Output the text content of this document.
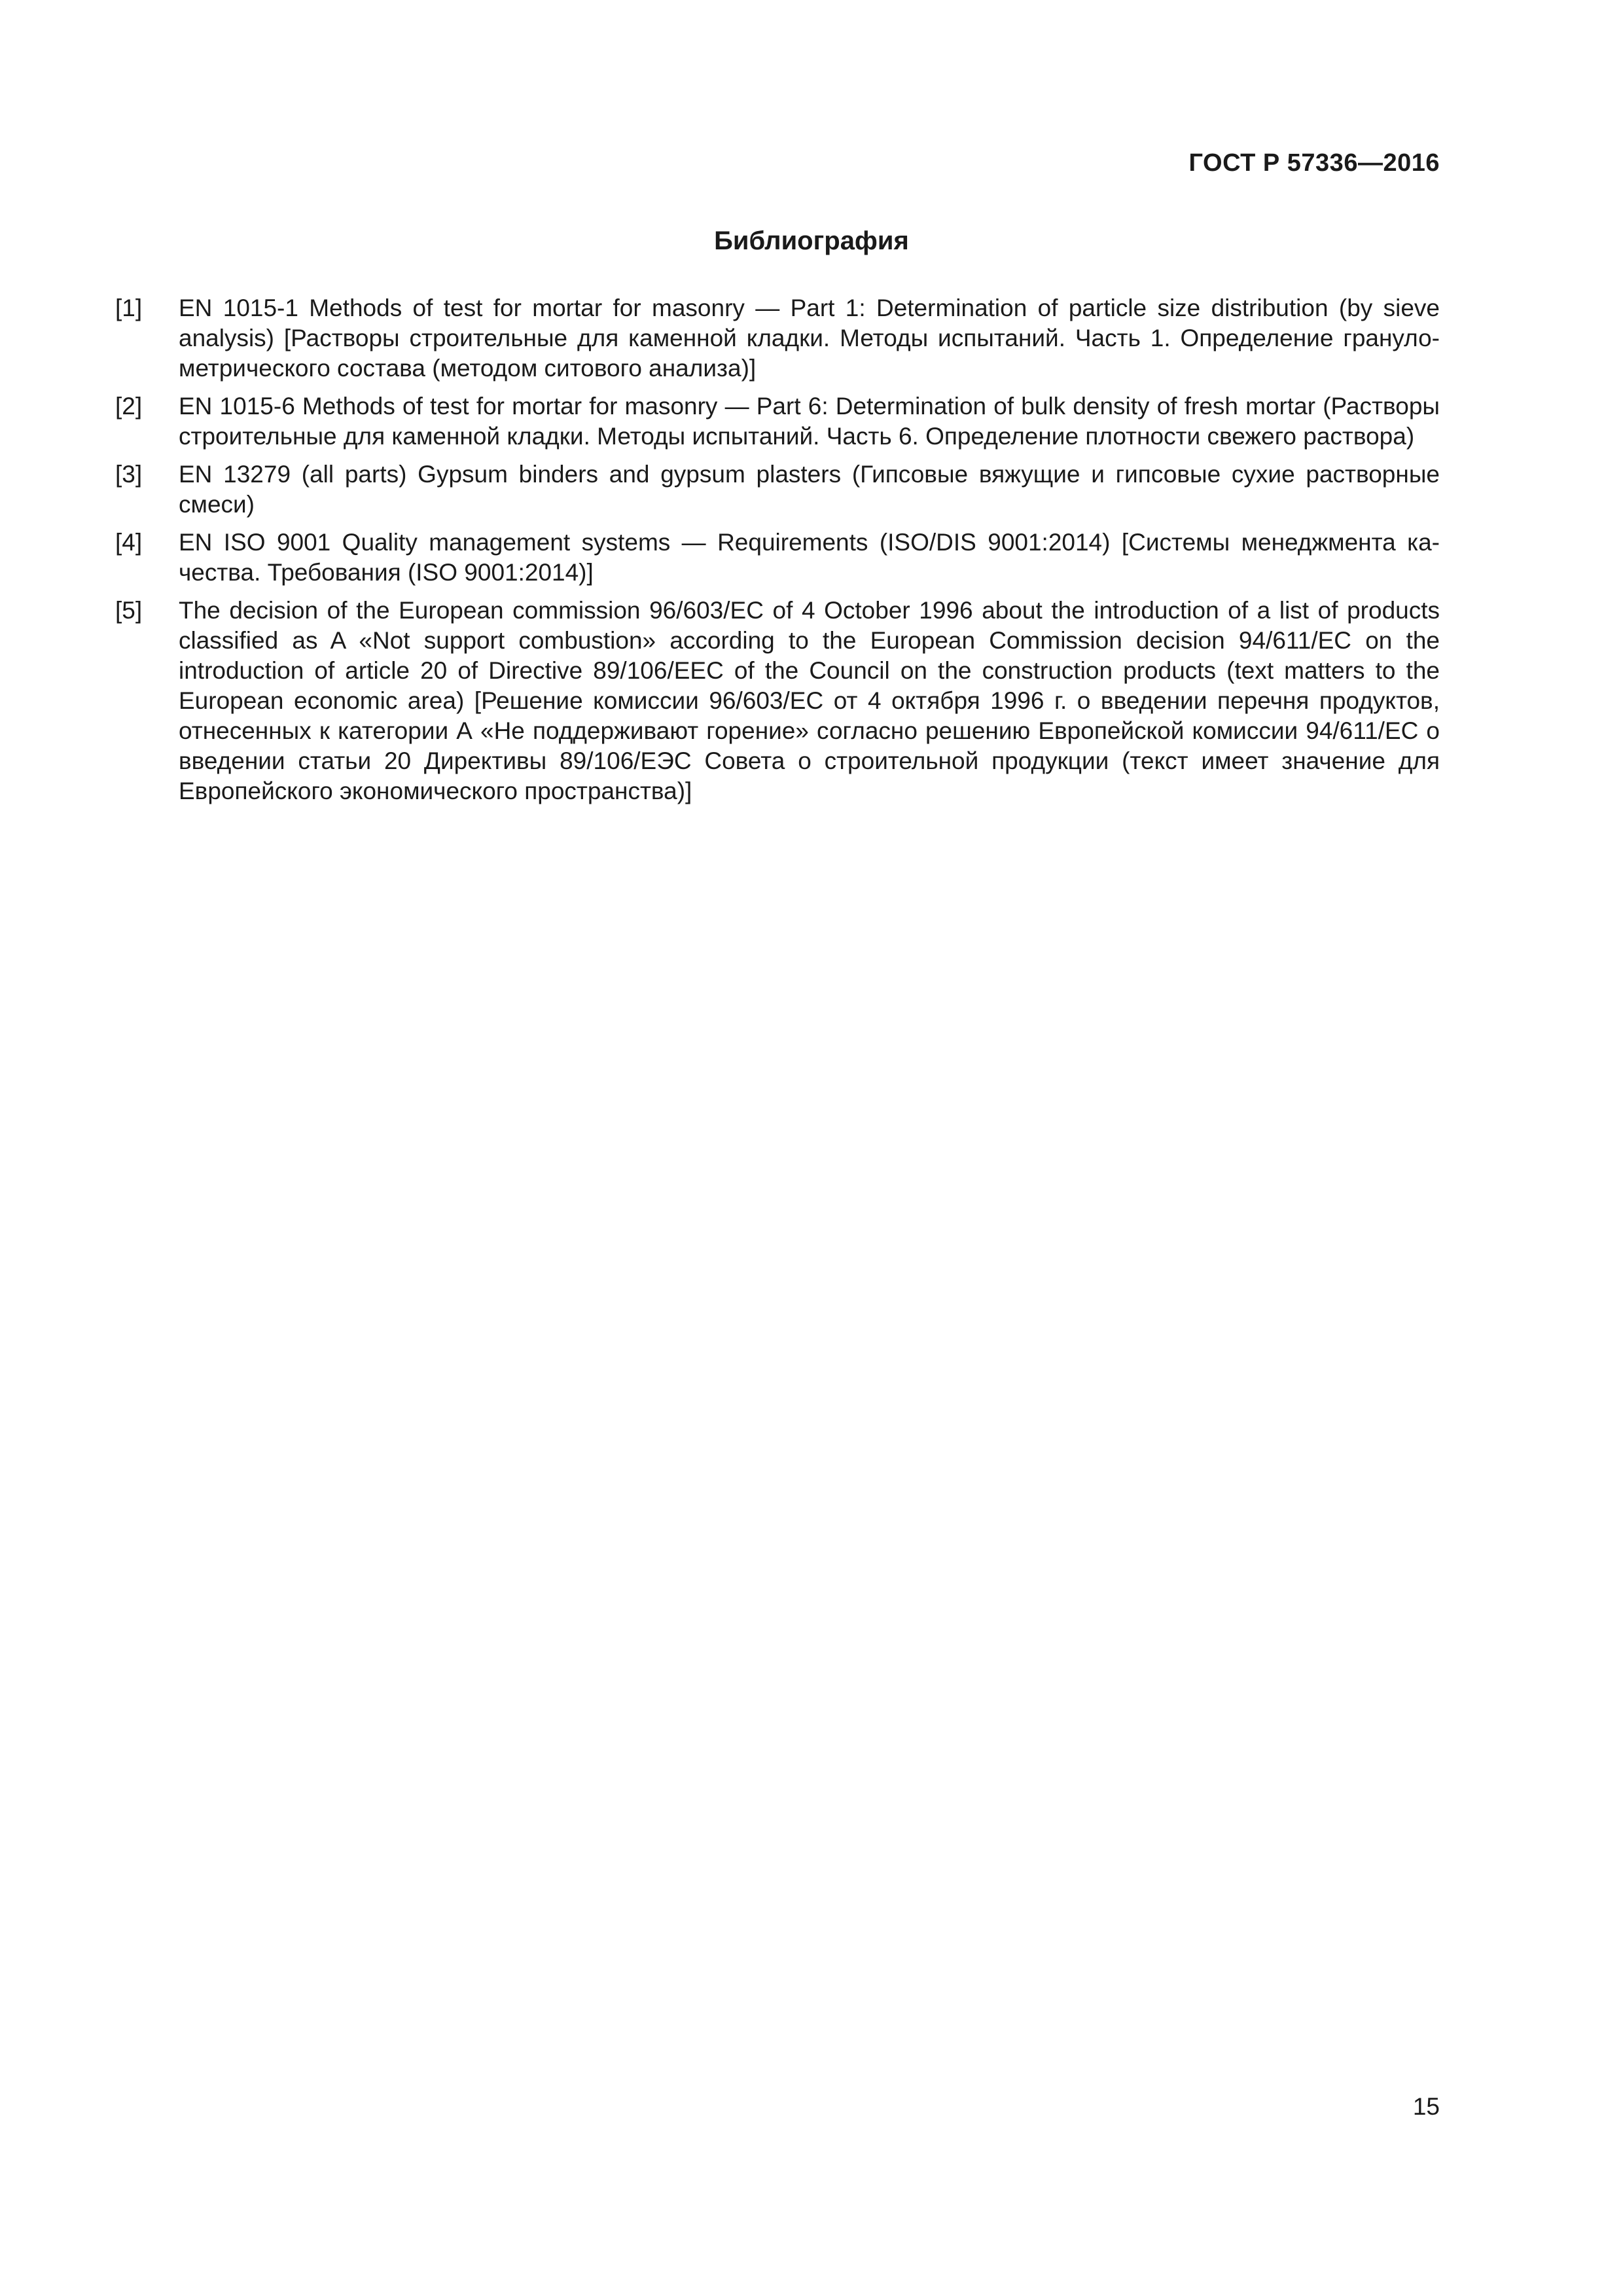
ГОСТ Р 57336—2016
Библиография
[1]	EN 1015-1 Methods of test for mortar for masonry — Part 1: Determination of particle size distribution (by sieve analysis) [Растворы строительные для каменной кладки. Методы испытаний. Часть 1. Определение гранулометрического состава (методом ситового анализа)]
[2]	EN 1015-6 Methods of test for mortar for masonry — Part 6: Determination of bulk density of fresh mortar (Растворы строительные для каменной кладки. Методы испытаний. Часть 6. Определение плотности свежего раствора)
[3]	EN 13279 (all parts) Gypsum binders and gypsum plasters (Гипсовые вяжущие и гипсовые сухие растворные смеси)
[4]	EN ISO 9001 Quality management systems — Requirements (ISO/DIS 9001:2014) [Системы менеджмента качества. Требования (ISO 9001:2014)]
[5]	The decision of the European commission 96/603/EC of 4 October 1996 about the introduction of a list of products classified as A «Not support combustion» according to the European Commission decision 94/611/EC on the introduction of article 20 of Directive 89/106/EEC of the Council on the construction products (text matters to the European economic area) [Решение комиссии 96/603/EC от 4 октября 1996 г. о введении перечня продуктов, отнесенных к категории А «Не поддерживают горение» согласно решению Европейской комиссии 94/611/EC о введении статьи 20 Директивы 89/106/ЕЭС Совета о строительной продукции (текст имеет значение для Европейского экономического пространства)]
15
